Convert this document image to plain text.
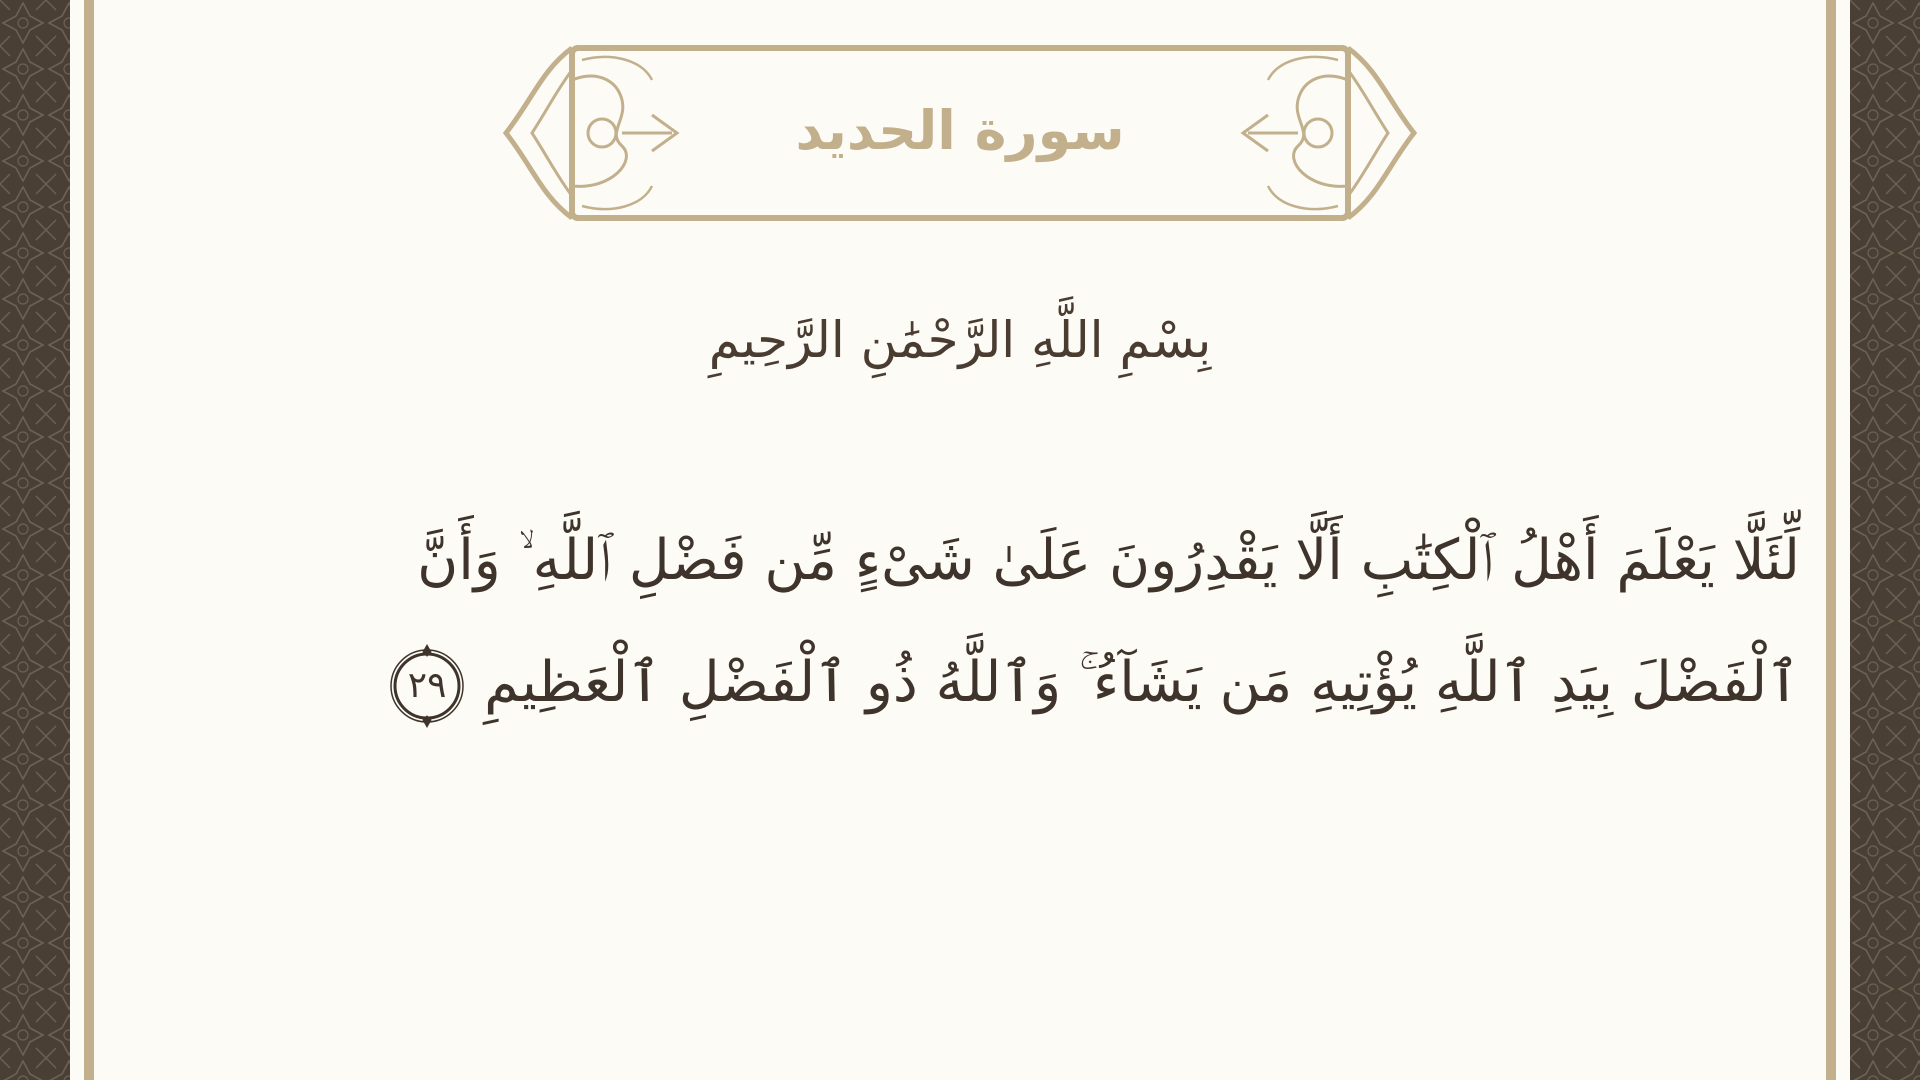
سورة الحديد
بِسْمِ اللَّهِ الرَّحْمَٰنِ الرَّحِيمِ
لِّئَلَّا يَعْلَمَ أَهْلُ ٱلْكِتَٰبِ أَلَّا يَقْدِرُونَ عَلَىٰ شَىْءٍ مِّن فَضْلِ ٱللَّهِ ۙ وَأَنَّ
ٱلْفَضْلَ بِيَدِ ٱللَّهِ يُؤْتِيهِ مَن يَشَآءُ ۚ وَٱللَّهُ ذُو ٱلْفَضْلِ ٱلْعَظِيمِ
٢٩
